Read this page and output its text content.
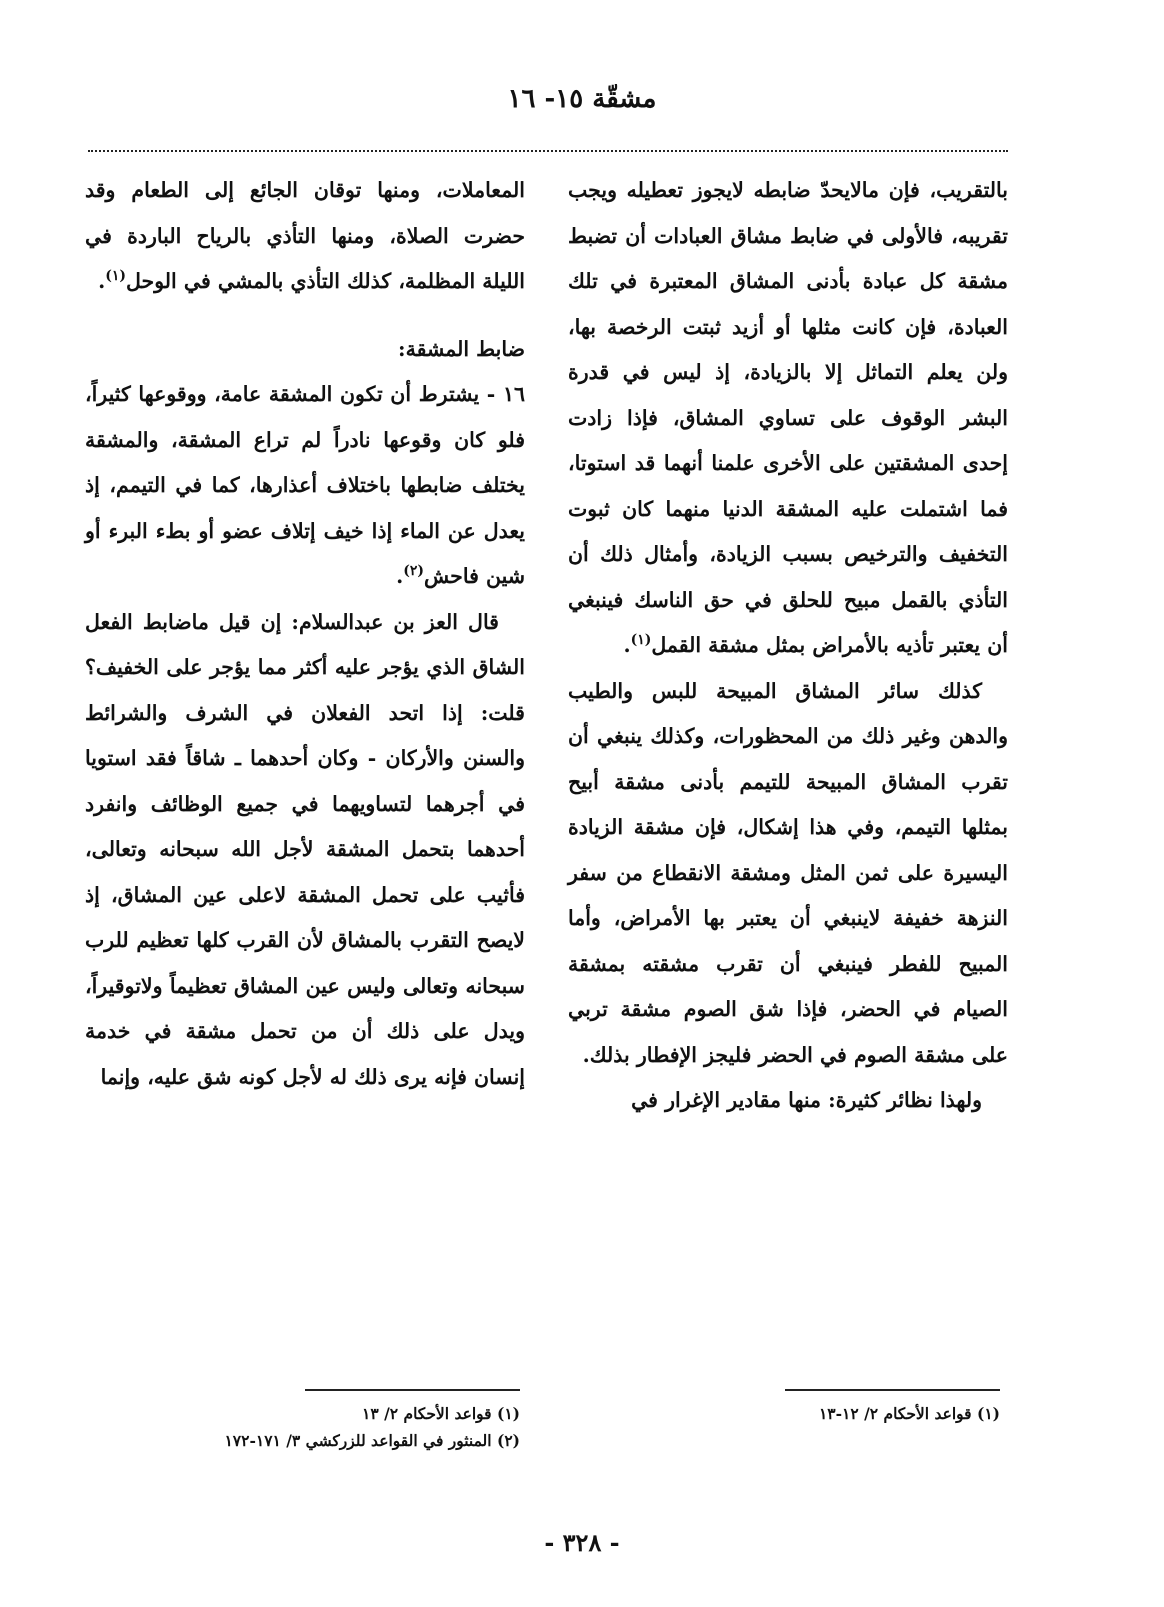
مشقّة ١٥- ١٦

بالتقريب، فإن مالايحدّ ضابطه لايجوز تعطيله ويجب تقريبه، فالأولى في ضابط مشاق العبادات أن تضبط مشقة كل عبادة بأدنى المشاق المعتبرة في تلك العبادة، فإن كانت مثلها أو أزيد ثبتت الرخصة بها، ولن يعلم التماثل إلا بالزيادة، إذ ليس في قدرة البشر الوقوف على تساوي المشاق، فإذا زادت إحدى المشقتين على الأخرى علمنا أنهما قد استوتا، فما اشتملت عليه المشقة الدنيا منهما كان ثبوت التخفيف والترخيص بسبب الزيادة، وأمثال ذلك أن التأذي بالقمل مبيح للحلق في حق الناسك فينبغي أن يعتبر تأذيه بالأمراض بمثل مشقة القمل$^{(١)}$.

كذلك سائر المشاق المبيحة للبس والطيب والدهن وغير ذلك من المحظورات، وكذلك ينبغي أن تقرب المشاق المبيحة للتيمم بأدنى مشقة أبيح بمثلها التيمم، وفي هذا إشكال، فإن مشقة الزيادة اليسيرة على ثمن المثل ومشقة الانقطاع من سفر النزهة خفيفة لاينبغي أن يعتبر بها الأمراض، وأما المبيح للفطر فينبغي أن تقرب مشقته بمشقة الصيام في الحضر، فإذا شق الصوم مشقة تربي على مشقة الصوم في الحضر فليجز الإفطار بذلك.

ولهذا نظائر كثيرة: منها مقادير الإغرار في

المعاملات، ومنها توقان الجائع إلى الطعام وقد حضرت الصلاة، ومنها التأذي بالرياح الباردة في الليلة المظلمة، كذلك التأذي بالمشي في الوحل$^{(١)}$.

ضابط المشقة:

١٦ - يشترط أن تكون المشقة عامة، ووقوعها كثيراً، فلو كان وقوعها نادراً لم تراع المشقة، والمشقة يختلف ضابطها باختلاف أعذارها، كما في التيمم، إذ يعدل عن الماء إذا خيف إتلاف عضو أو بطء البرء أو شين فاحش$^{(٢)}$.

قال العز بن عبدالسلام: إن قيل ماضابط الفعل الشاق الذي يؤجر عليه أكثر مما يؤجر على الخفيف؟ قلت: إذا اتحد الفعلان في الشرف والشرائط والسنن والأركان - وكان أحدهما ـ شاقاً فقد استويا في أجرهما لتساويهما في جميع الوظائف وانفرد أحدهما بتحمل المشقة لأجل الله سبحانه وتعالى، فأثيب على تحمل المشقة لاعلى عين المشاق، إذ لايصح التقرب بالمشاق لأن القرب كلها تعظيم للرب سبحانه وتعالى وليس عين المشاق تعظيماً ولاتوقيراً، ويدل على ذلك أن من تحمل مشقة في خدمة إنسان فإنه يرى ذلك له لأجل كونه شق عليه، وإنما

(١) قواعد الأحكام ٢/ ١٢-١٣
(١) قواعد الأحكام ٢/ ١٣
(٢) المنثور في القواعد للزركشي ٣/ ١٧١-١٧٢
- ٣٢٨ -
